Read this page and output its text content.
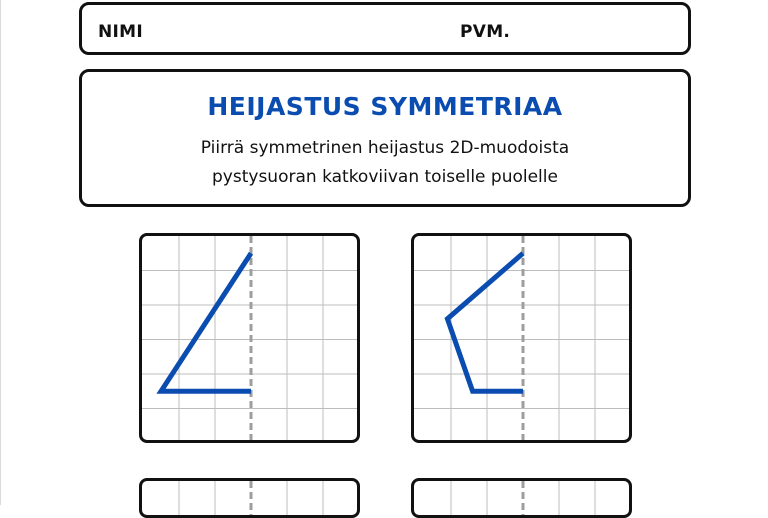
NIMI	PVM.
HEIJASTUS SYMMETRIAA
Piirrä symmetrinen heijastus 2D-muodoista
pystysuoran katkoviivan toiselle puolelle
